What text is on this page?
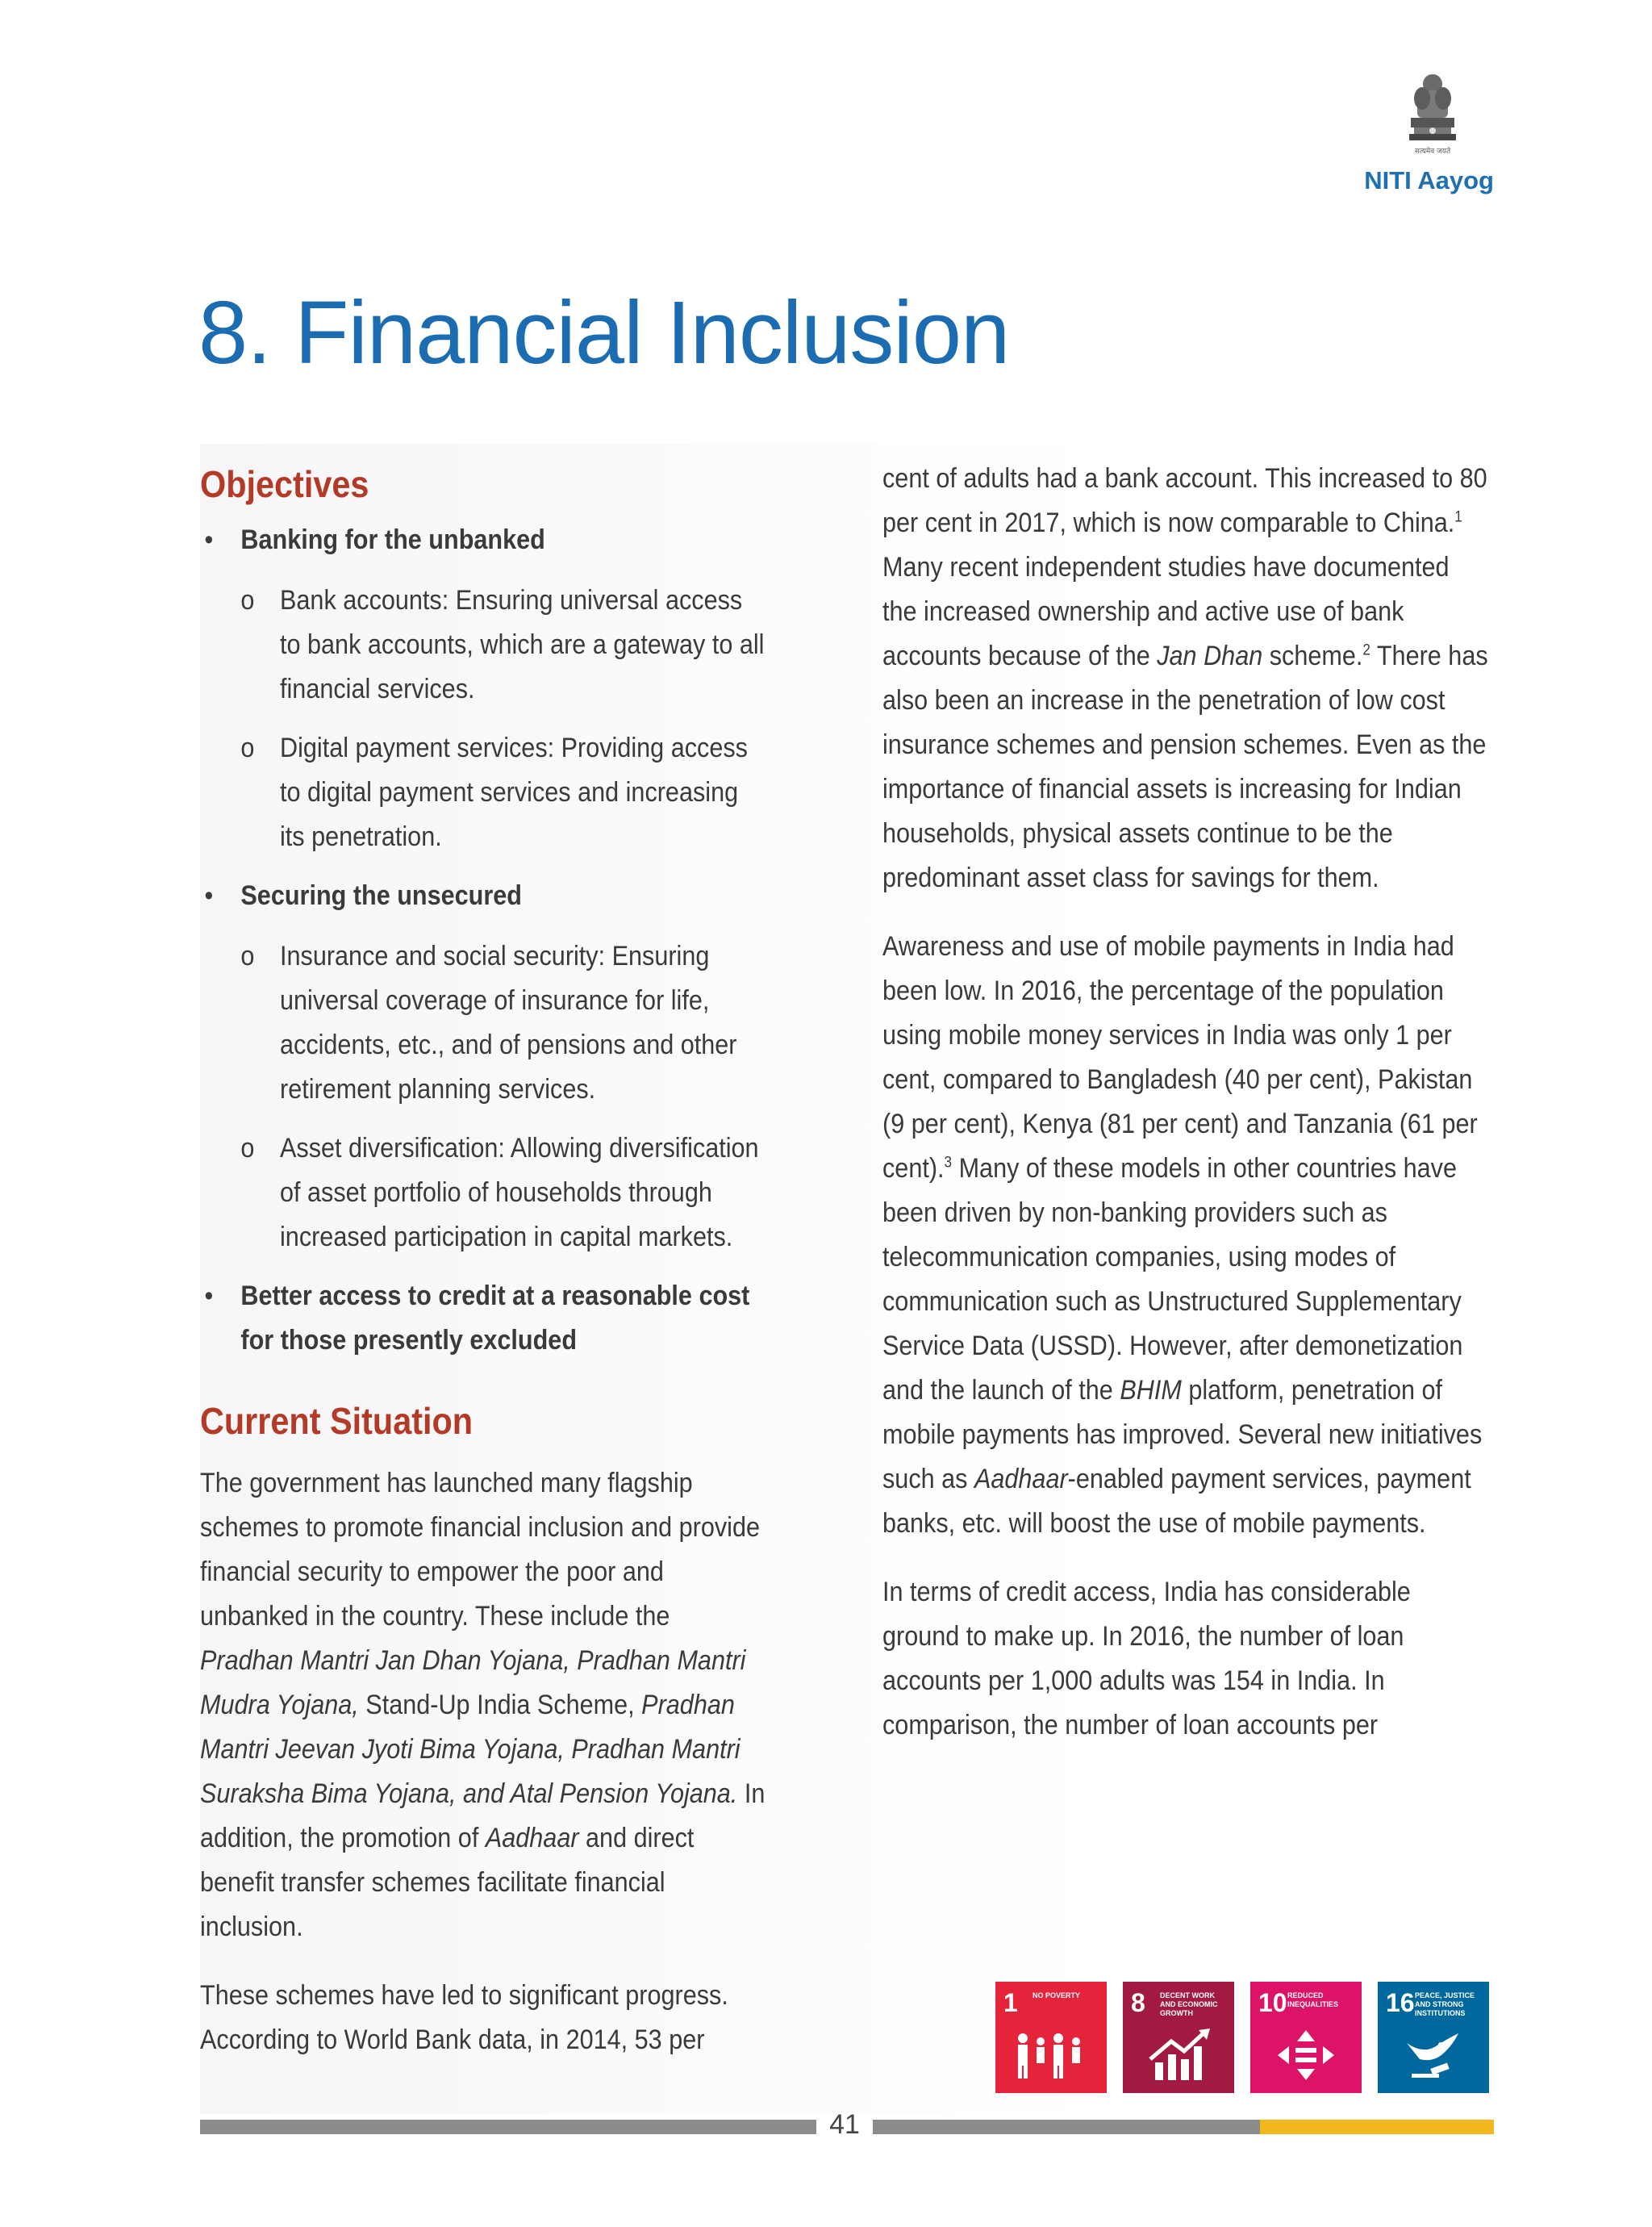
सत्यमेव जयते
NITI Aayog
8. Financial Inclusion
Objectives
• Banking for the unbanked
o Bank accounts: Ensuring universal access to bank accounts, which are a gateway to all financial services.
o Digital payment services: Providing access to digital payment services and increasing its penetration.
• Securing the unsecured
o Insurance and social security: Ensuring universal coverage of insurance for life, accidents, etc., and of pensions and other retirement planning services.
o Asset diversification: Allowing diversification of asset portfolio of households through increased participation in capital markets.
• Better access to credit at a reasonable cost for those presently excluded
Current Situation

The government has launched many flagship schemes to promote financial inclusion and provide financial security to empower the poor and unbanked in the country. These include the Pradhan Mantri Jan Dhan Yojana, Pradhan Mantri Mudra Yojana, Stand-Up India Scheme, Pradhan Mantri Jeevan Jyoti Bima Yojana, Pradhan Mantri Suraksha Bima Yojana, and Atal Pension Yojana. In addition, the promotion of Aadhaar and direct benefit transfer schemes facilitate financial inclusion.

These schemes have led to significant progress. According to World Bank data, in 2014, 53 per

cent of adults had a bank account. This increased to 80 per cent in 2017, which is now comparable to China.$^1$ Many recent independent studies have documented the increased ownership and active use of bank accounts because of the Jan Dhan scheme.$^2$ There has also been an increase in the penetration of low cost insurance schemes and pension schemes. Even as the importance of financial assets is increasing for Indian households, physical assets continue to be the predominant asset class for savings for them.

Awareness and use of mobile payments in India had been low. In 2016, the percentage of the population using mobile money services in India was only 1 per cent, compared to Bangladesh (40 per cent), Pakistan (9 per cent), Kenya (81 per cent) and Tanzania (61 per cent).$^3$ Many of these models in other countries have been driven by non-banking providers such as telecommunication companies, using modes of communication such as Unstructured Supplementary Service Data (USSD). However, after demonetization and the launch of the BHIM platform, penetration of mobile payments has improved. Several new initiatives such as Aadhaar-enabled payment services, payment banks, etc. will boost the use of mobile payments.

In terms of credit access, India has considerable ground to make up. In 2016, the number of loan accounts per 1,000 adults was 154 in India. In comparison, the number of loan accounts per

1 NO POVERTY	8 DECENT WORK AND ECONOMIC GROWTH	10 REDUCED INEQUALITIES	16 PEACE, JUSTICE AND STRONG INSTITUTIONS
41
